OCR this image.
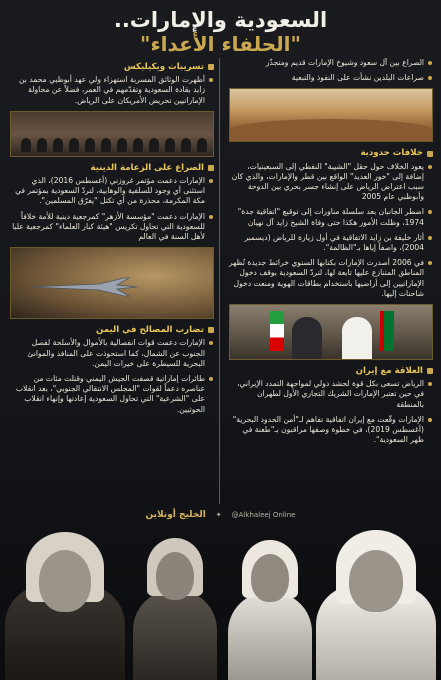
السعودية والإمارات..
"الحلفاء الأعداء"
الصراع بين آل سعود وشيوخ الإمارات قديم ومتجذّر
صراعات البلدين نشأت على النفوذ والتبعية
خلافات حدودية
يعود الخلاف حول حقل "الشيبة" النفطي إلى السبعينيات، إضافة إلى "خور العديد" الواقع بين قطر والإمارات، والذي كان سبب اعتراض الرياض على إنشاء جسر بحري بين الدوحة وأبوظبي عام 2005
اضطر الجانبان بعد سلسلة مناورات إلى توقيع "اتفاقية جدة" 1974، وظلت الأمور هكذا حتى وفاة الشيخ زايد آل نهيان
أثار خليفة بن زايد الاتفاقية في أول زيارة للرياض (ديسمبر 2004)، واصفاً إياها بـ"الظالمة".
في 2006 أصدرت الإمارات بكتابها السنوي خرائط جديدة تُظهر المناطق المتنازع عليها تابعة لها، لتردّ السعودية بوقف دخول الإماراتيين إلى أراضيها باستخدام بطاقات الهوية ومنعت دخول شاحنات إليها.
العلاقة مع إيران
الرياض تسعى بكل قوة لحشد دولي لمواجهة التمدد الإيراني، في حين تعتبر الإمارات الشريك التجاري الأول لطهران بالمنطقة
الإمارات وقّعت مع إيران اتفاقية تفاهم لـ"أمن الحدود البحرية" (أغسطس 2019)، في خطوة وصفها مراقبون بـ"طعنة في ظهر السعودية".
تسريبات ويكيليكس
أظهرت الوثائق المسربة استهزاء ولي عهد أبوظبي محمد بن زايد بقادة السعودية وتقدّمهم في العمر، فضلاً عن محاولة الإماراتيين تحريض الأمريكان على الرياض.
الصراع على الزعامة الدينية
الإمارات دعمت مؤتمر غروزني (أغسطس 2016)، الذي استثنى أي وجود للسلفية والوهابية، لتردّ السعودية بمؤتمر في مكة المكرمة، محذرة من أي تكتل "يفرّق المسلمين".
الإمارات دعمت "مؤسسة الأزهر" كمرجعية دينية للأمة خلافاً للسعودية التي تحاول تكريس "هيئة كبار العلماء" كمرجعية عليا لأهل السنة في العالم
تضارب المصالح في اليمن
الإمارات دعمت قوات انفصالية بالأموال والأسلحة لفصل الجنوب عن الشمال، كما استحوذت على المنافذ والموانئ البحرية للسيطرة على خيرات اليمن.
طائرات إماراتية قصفت الجيش اليمني وقتلت مئات من عناصره دعماً لقوات "المجلس الانتقالي الجنوبي"، بعد انقلاب على "الشرعية" التي تحاول السعودية إعادتها وإنهاء انقلاب الحوثيين.
الخليج أونلاين ✦ @Alkhaleej Online
